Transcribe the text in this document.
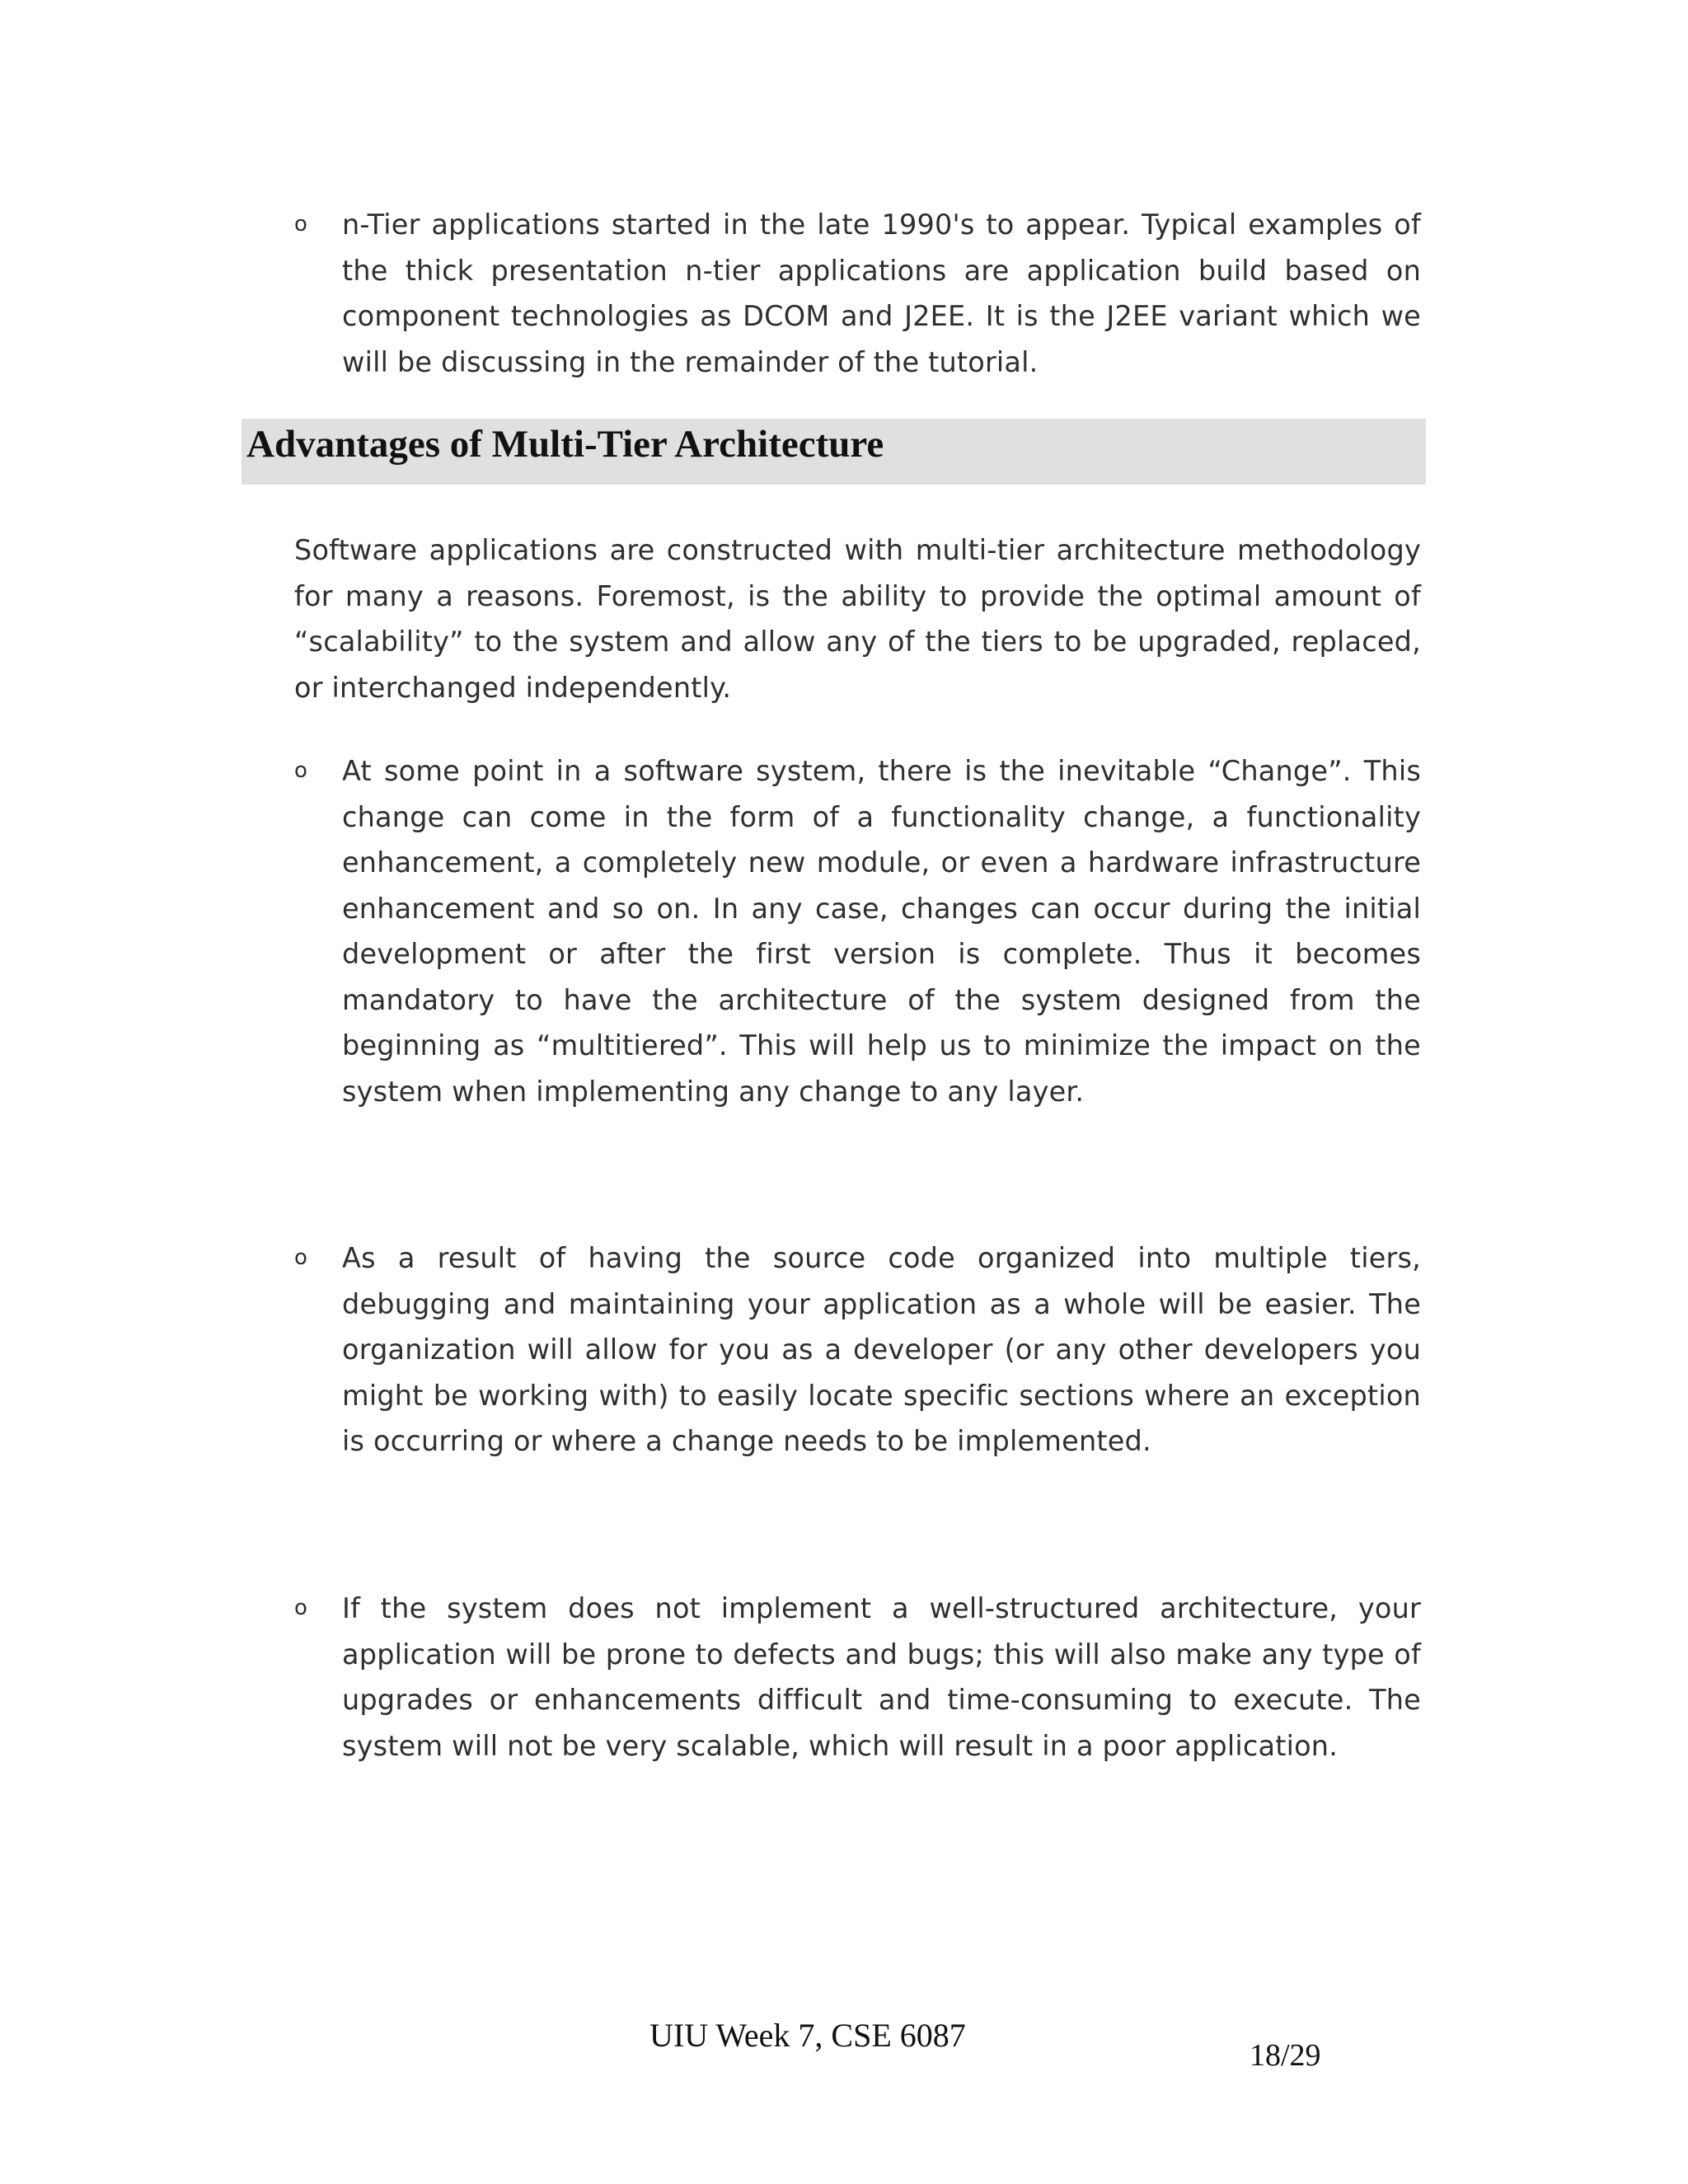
o n-Tier applications started in the late 1990's to appear. Typical examples of the thick presentation n-tier applications are application build based on component technologies as DCOM and J2EE. It is the J2EE variant which we will be discussing in the remainder of the tutorial.
Advantages of Multi-Tier Architecture
Software applications are constructed with multi-tier architecture methodology for many a reasons. Foremost, is the ability to provide the optimal amount of “scalability” to the system and allow any of the tiers to be upgraded, replaced, or interchanged independently.
o At some point in a software system, there is the inevitable “Change”. This change can come in the form of a functionality change, a functionality enhancement, a completely new module, or even a hardware infrastructure enhancement and so on. In any case, changes can occur during the initial development or after the first version is complete. Thus it becomes mandatory to have the architecture of the system designed from the beginning as “multitiered”. This will help us to minimize the impact on the system when implementing any change to any layer.
o As a result of having the source code organized into multiple tiers, debugging and maintaining your application as a whole will be easier. The organization will allow for you as a developer (or any other developers you might be working with) to easily locate specific sections where an exception is occurring or where a change needs to be implemented.
o If the system does not implement a well-structured architecture, your application will be prone to defects and bugs; this will also make any type of upgrades or enhancements difficult and time-consuming to execute. The system will not be very scalable, which will result in a poor application.
UIU Week 7, CSE 6087
18/29
